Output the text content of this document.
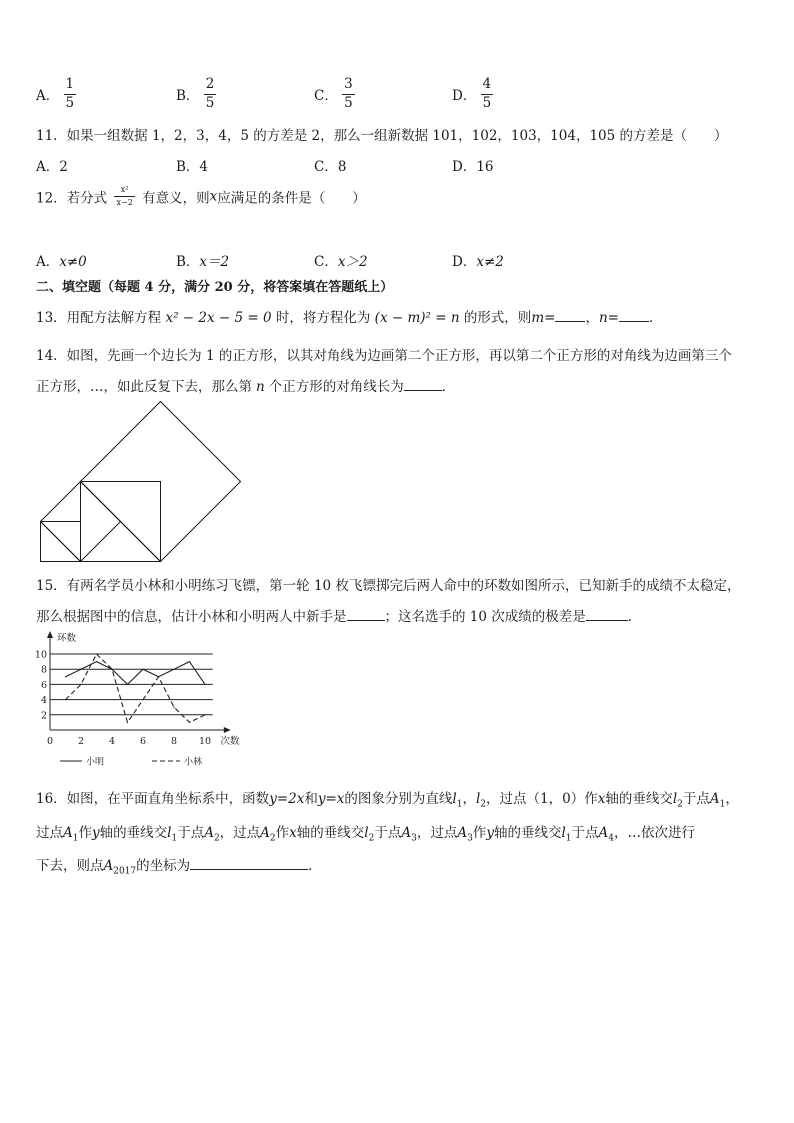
A． $\frac{1}{5}$	B． $\frac{2}{5}$	C． $\frac{3}{5}$	D． $\frac{4}{5}$
11．如果一组数据 1，2，3，4，5 的方差是 2，那么一组新数据 101，102，103，104，105 的方差是（　　）
A．2	B．4	C．8	D．16
12．若分式 $\frac{\text{x²}}{x-2}$ 有意义，则x应满足的条件是（　　）
A．x≠0	B．x＝2	C．x＞2	D．x≠2
二、填空题（每题 4 分，满分 20 分，将答案填在答题纸上）
13．用配方法解方程 x² − 2x − 5 = 0 时，将方程化为 (x − m)² = n 的形式，则m= ，n= ．
14．如图，先画一个边长为 1 的正方形，以其对角线为边画第二个正方形，再以第二个正方形的对角线为边画第三个
正方形，…，如此反复下去，那么第 n 个正方形的对角线长为	．
15．有两名学员小林和小明练习飞镖，第一轮 10 枚飞镖掷完后两人命中的环数如图所示，已知新手的成绩不太稳定，
那么根据图中的信息，估计小林和小明两人中新手是	；这名选手的 10 次成绩的极差是	．
2
4
6
8
10
0	2	4	6	8 10
环数
次数
小明	小林
16．如图，在平面直角坐标系中，函数y=2x和y=x的图象分别为直线$l_1$，$l_2$，过点（1，0）作x轴的垂线交$l_2$于点$A_1$，
过点$A_1$作y轴的垂线交$l_1$于点$A_2$，过点$A_2$作x轴的垂线交$l_2$于点$A_3$，过点$A_3$作y轴的垂线交$l_1$于点$A_4$，…依次进行
下去，则点$A_{2017}$的坐标为	．
